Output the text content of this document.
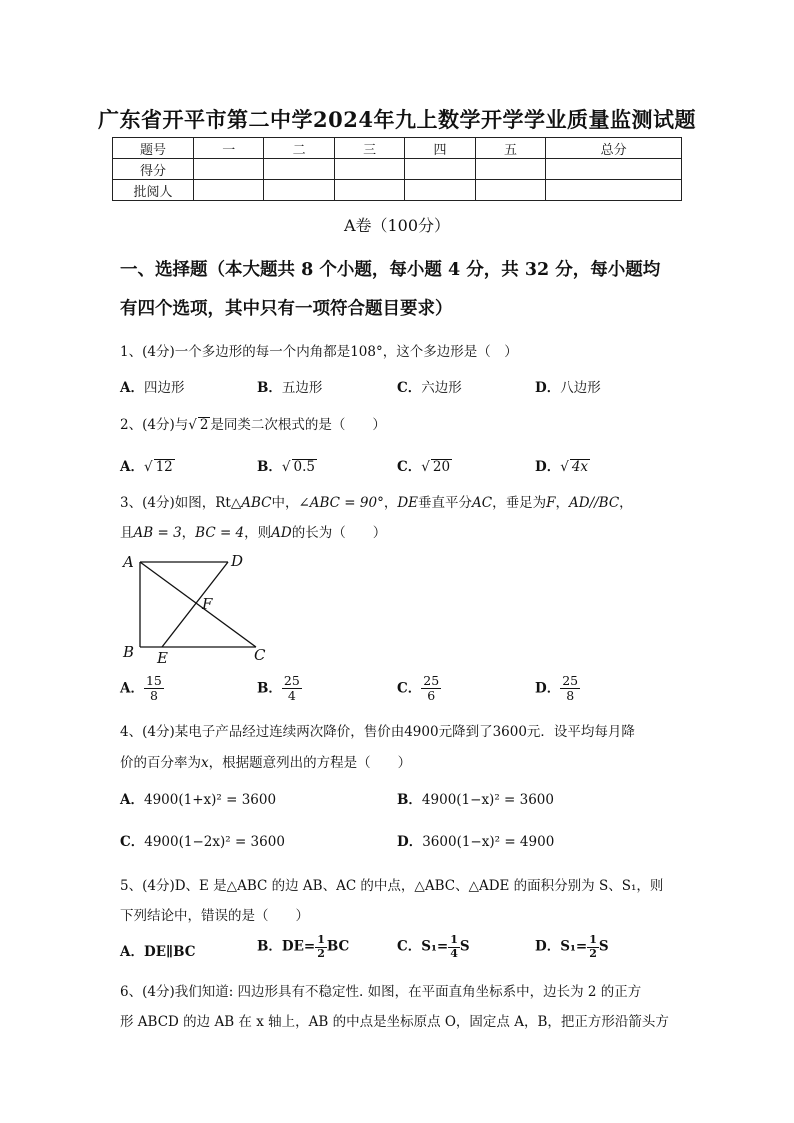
广东省开平市第二中学2024年九上数学开学学业质量监测试题
题号	一	二	三	四	五	总分
得分						
批阅人						
A卷（100分）
一、选择题（本大题共 8 个小题，每小题 4 分，共 32 分，每小题均
有四个选项，其中只有一项符合题目要求）
1、(4分)一个多边形的每一个内角都是108°，这个多边形是（　）
A．四边形	B．五边形	C．六边形	D．八边形
2、(4分)与√ 2 是同类二次根式的是（　　）
A．√ 12	B．√ 0.5	C．√ 20	D．√ 4x
3、(4分)如图，Rt△ABC中，∠ABC = 90°，DE垂直平分AC，垂足为F，AD//BC，
且AB = 3，BC = 4，则AD的长为（　　）
A	D
F
B E	C
A． $\frac{15}{8}$	B． $\frac{25}{4}$	C． $\frac{25}{6}$	D． $\frac{25}{8}$
4、(4分)某电子产品经过连续两次降价，售价由4900元降到了3600元．设平均每月降
价的百分率为x，根据题意列出的方程是（　　）
A．4900(1+x)² = 3600	B．4900(1−x)² = 3600
C．4900(1−2x)² = 3600	D．3600(1−x)² = 4900
5、(4分)D、E 是△ABC 的边 AB、AC 的中点，△ABC、△ADE 的面积分别为 S、S₁，则
下列结论中，错误的是（　　）
A．DE∥BC	B．$DE= \frac{1}{2}$ BC	C．$S_1= \frac{1}{4}$ S	D．$S_1= \frac{1}{2}$ S
6、(4分)我们知道: 四边形具有不稳定性. 如图，在平面直角坐标系中，边长为 2 的正方
形 ABCD 的边 AB 在 x 轴上，AB 的中点是坐标原点 O，固定点 A，B，把正方形沿箭头方
